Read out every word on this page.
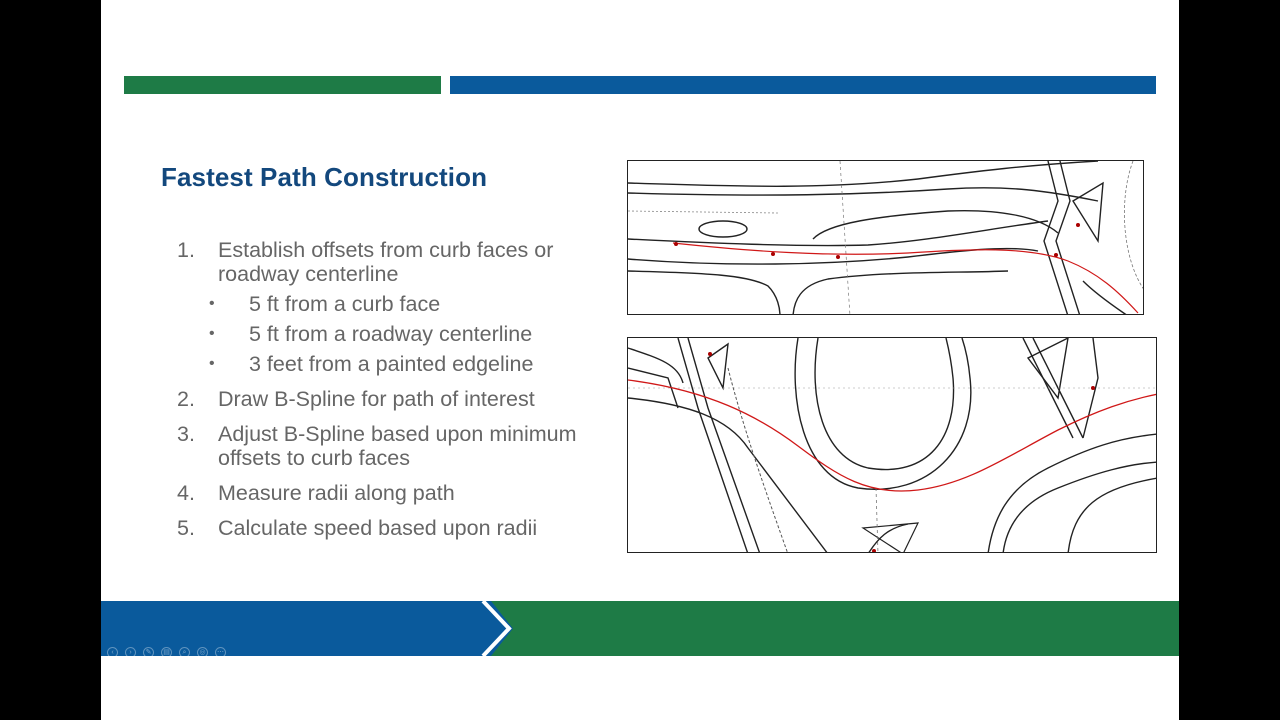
Fastest Path Construction
1. Establish offsets from curb faces or roadway centerline
• 5 ft from a curb face
• 5 ft from a roadway centerline
• 3 feet from a painted edgeline
2. Draw B-Spline for path of interest
3. Adjust B-Spline based upon minimum offsets to curb faces
4. Measure radii along path
5. Calculate speed based upon radii
‹	›	✎	▤	⌕	◎	⋯
